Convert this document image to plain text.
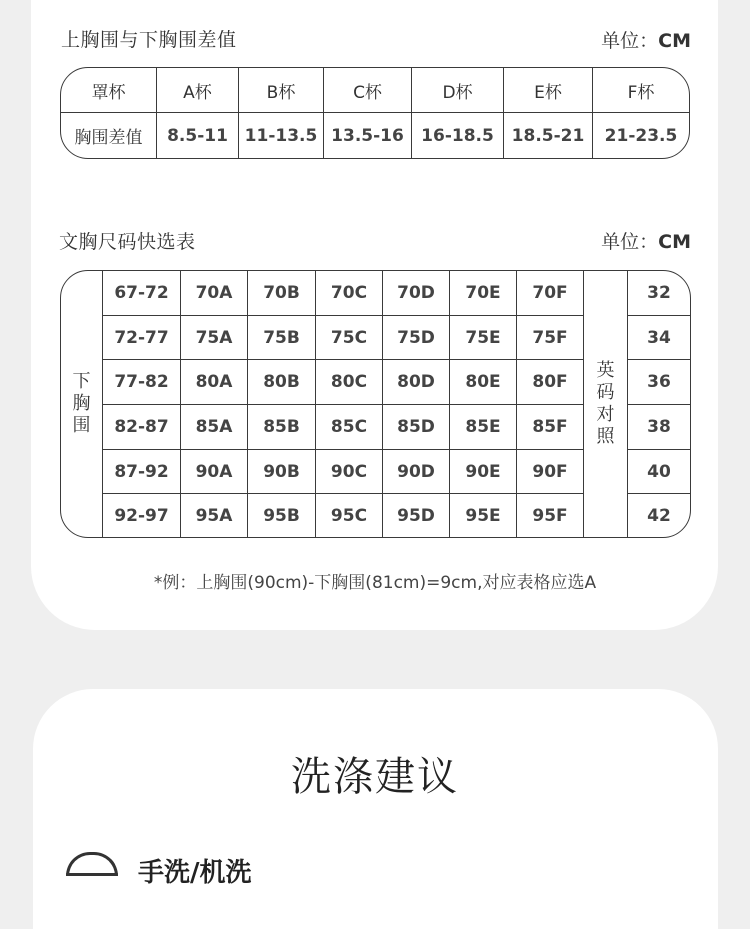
上胸围与下胸围差值	单位：CM
罩杯	A杯	B杯	C杯	D杯	E杯	F杯
胸围差值	8.5-11	11-13.5	13.5-16	16-18.5	18.5-21	21-23.5
文胸尺码快选表	单位：CM
下胸围	67-72	70A	70B	70C	70D	70E	70F	英码对照	32
	72-77	75A	75B	75C	75D	75E	75F		34
	77-82	80A	80B	80C	80D	80E	80F		36
	82-87	85A	85B	85C	85D	85E	85F		38
	87-92	90A	90B	90C	90D	90E	90F		40
	92-97	95A	95B	95C	95D	95E	95F		42
*例：上胸围(90cm)-下胸围(81cm)=9cm,对应表格应选A
洗涤建议
手洗/机洗
